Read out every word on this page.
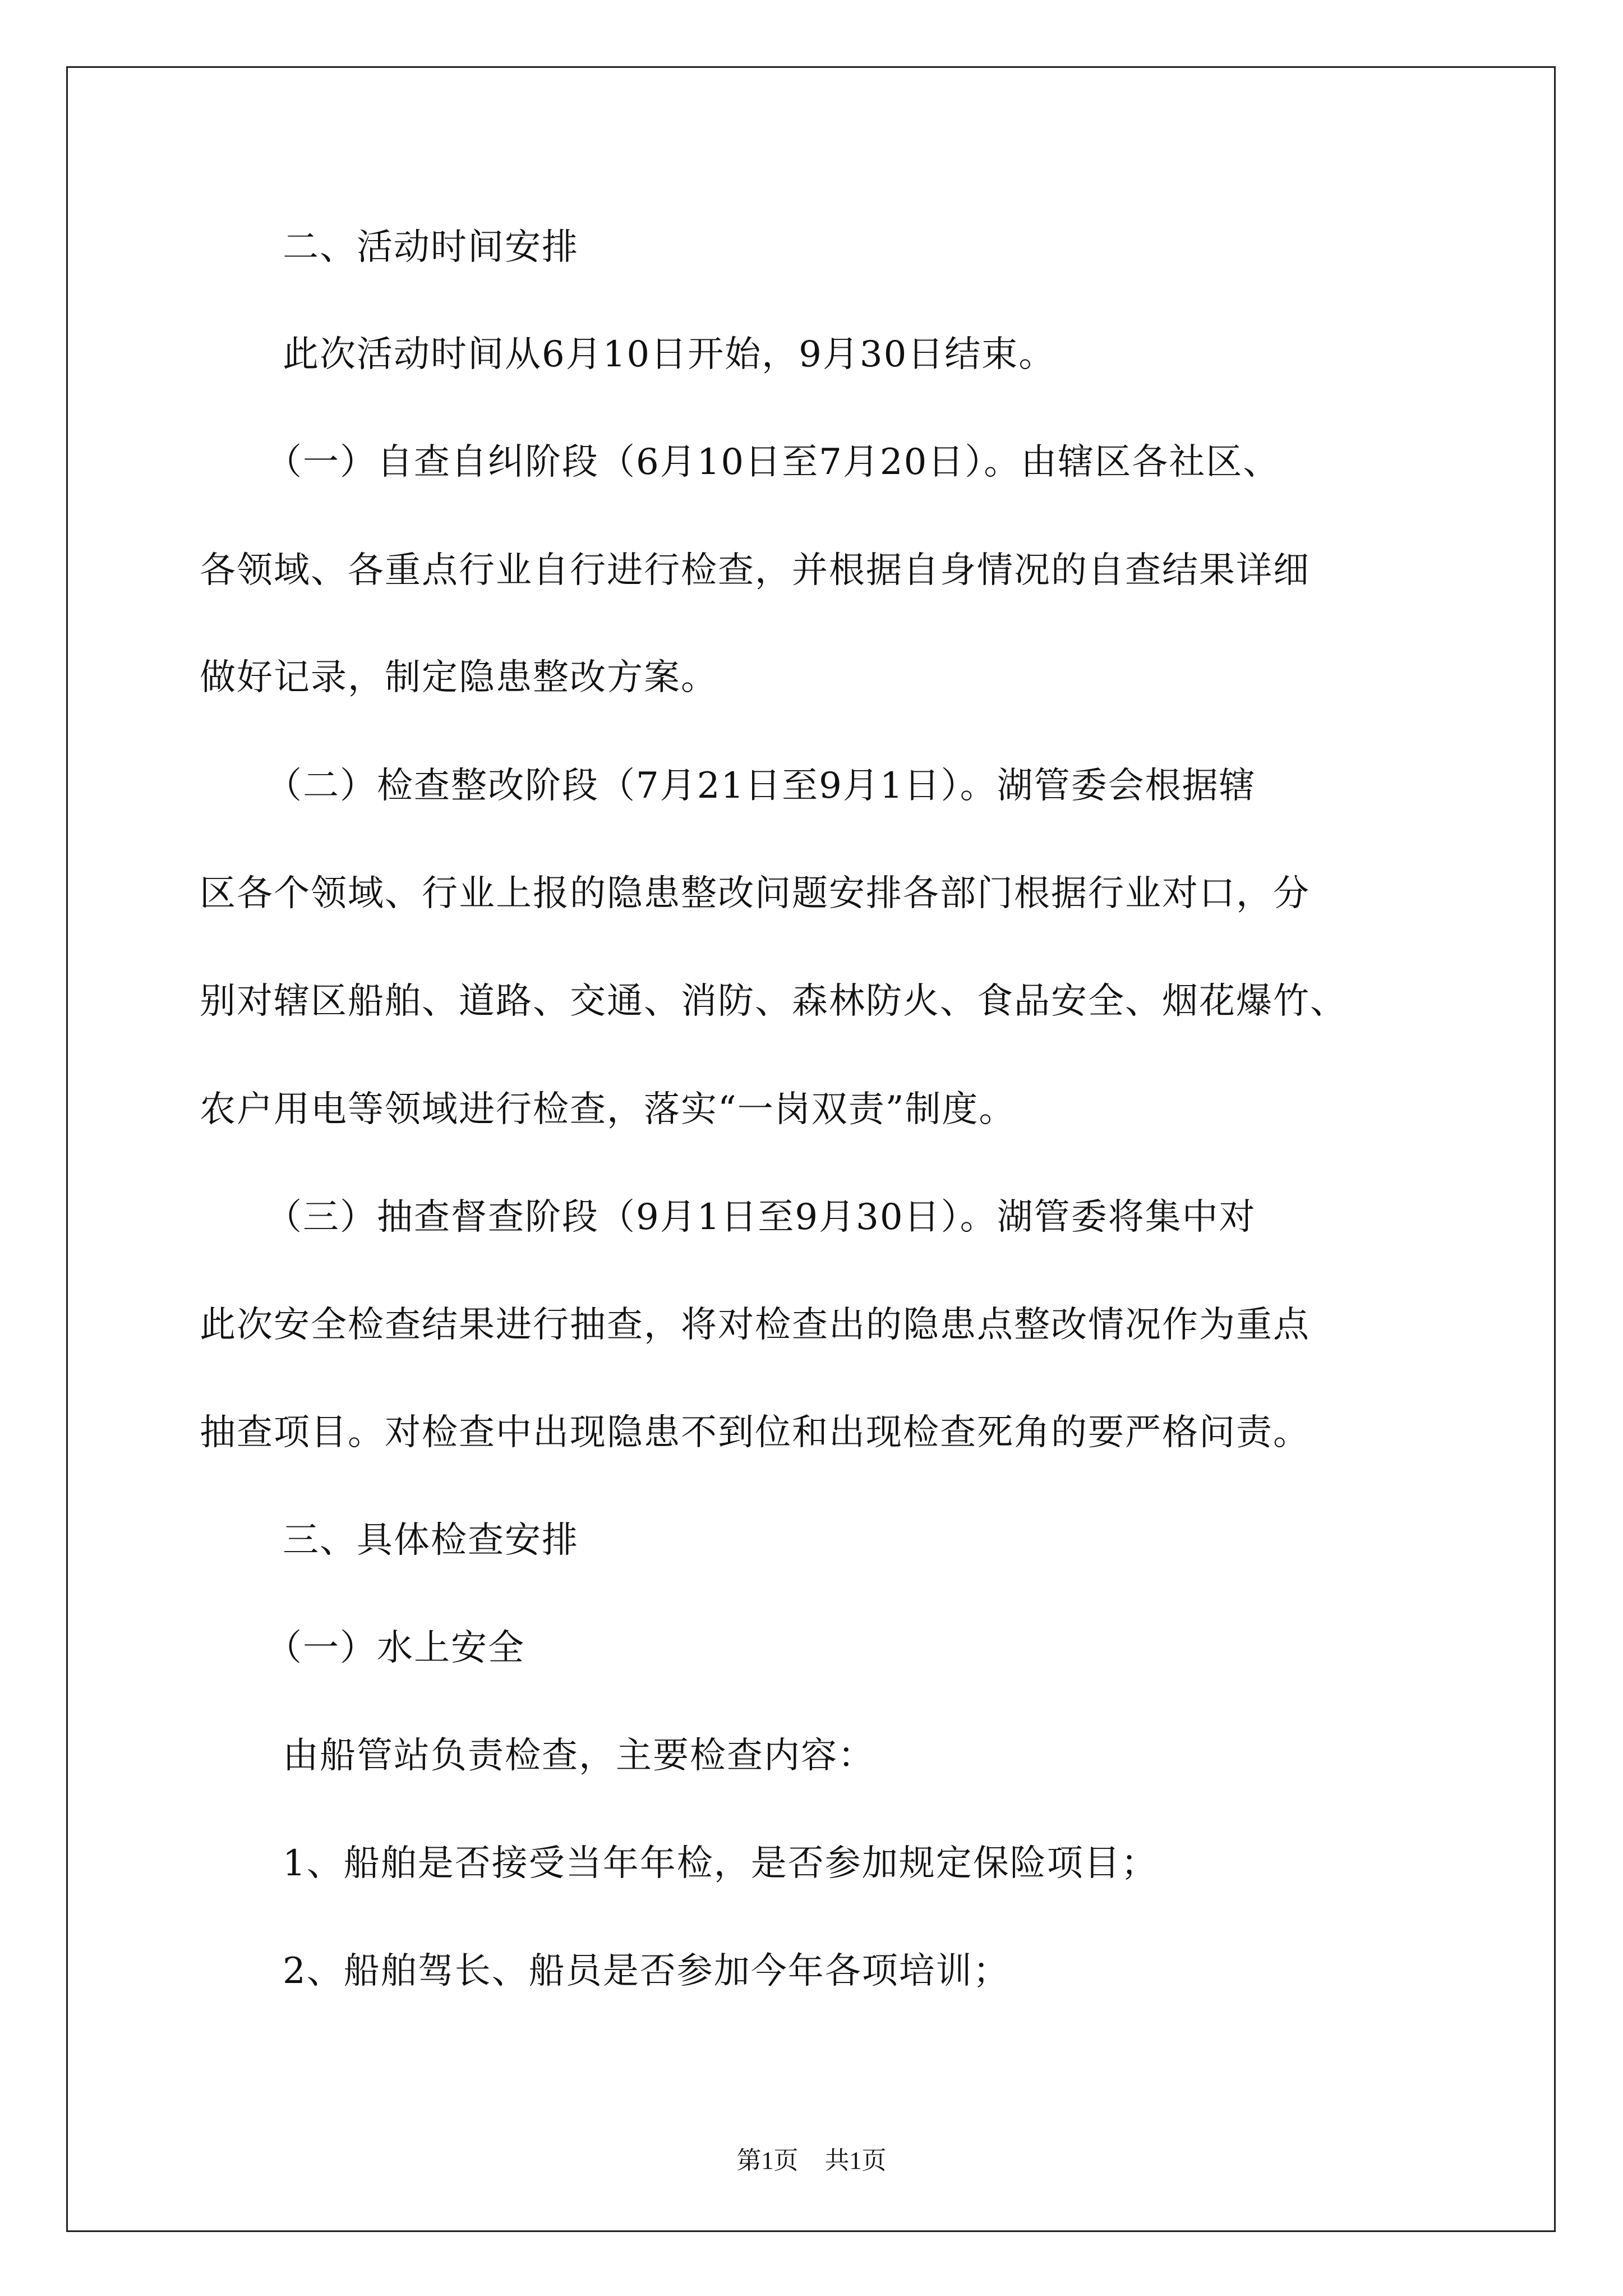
二、活动时间安排
此次活动时间从6月10日开始，9月30日结束。
（一）自查自纠阶段（6月10日至7月20日）。由辖区各社区、
各领域、各重点行业自行进行检查，并根据自身情况的自查结果详细
做好记录，制定隐患整改方案。
（二）检查整改阶段（7月21日至9月1日）。湖管委会根据辖
区各个领域、行业上报的隐患整改问题安排各部门根据行业对口，分
别对辖区船舶、道路、交通、消防、森林防火、食品安全、烟花爆竹、
农户用电等领域进行检查，落实“一岗双责”制度。
（三）抽查督查阶段（9月1日至9月30日）。湖管委将集中对
此次安全检查结果进行抽查，将对检查出的隐患点整改情况作为重点
抽查项目。对检查中出现隐患不到位和出现检查死角的要严格问责。
三、具体检查安排
（一）水上安全
由船管站负责检查，主要检查内容：
1、船舶是否接受当年年检，是否参加规定保险项目；
2、船舶驾长、船员是否参加今年各项培训；
第1页 共1页
